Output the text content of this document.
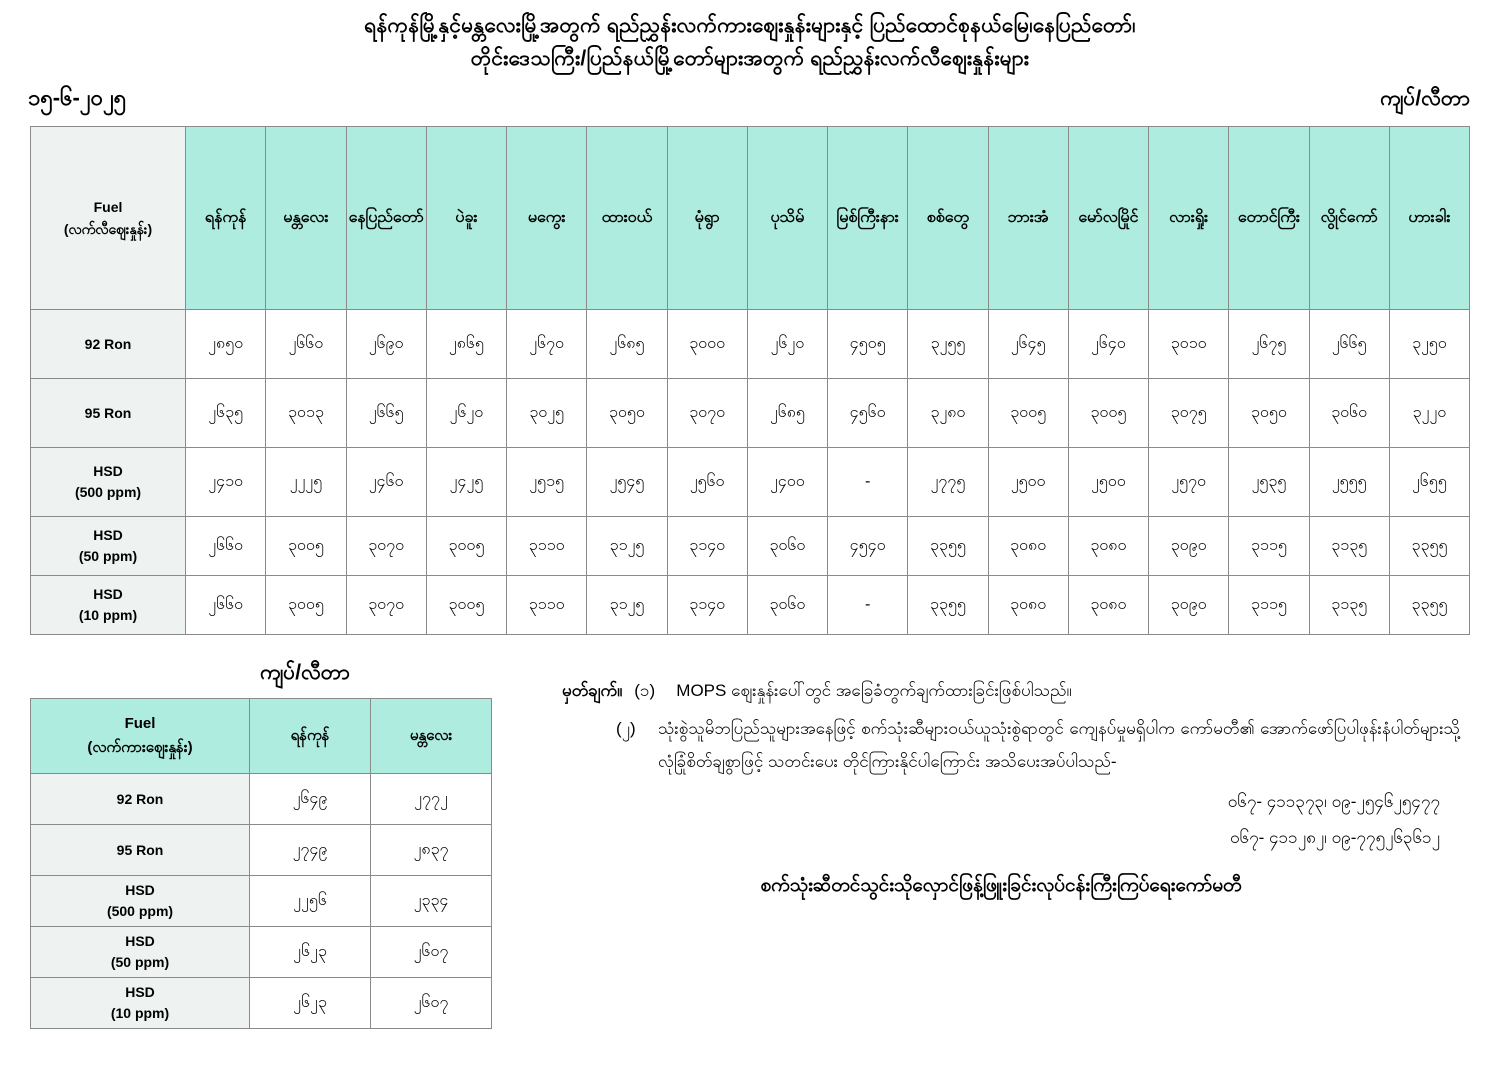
ရန်ကုန်မြို့နှင့်မန္တလေးမြို့အတွက် ရည်ညွှန်းလက်ကားဈေးနှုန်းများနှင့် ပြည်ထောင်စုနယ်မြေ၊နေပြည်တော်၊
တိုင်းဒေသကြီး/ပြည်နယ်မြို့တော်များအတွက် ရည်ညွှန်းလက်လီဈေးနှုန်းများ
၁၅-၆-၂၀၂၅	ကျပ်/လီတာ
Fuel
(လက်လီဈေးနှုန်း)	ရန်ကုန်	မန္တလေး	နေပြည်တော်	ပဲခူး	မကွေး	ထားဝယ်	မုံရွာ	ပုသိမ်	မြစ်ကြီးနား	စစ်တွေ	ဘားအံ	မော်လမြိုင်	လားရှိုး	တောင်ကြီး	လွိုင်ကော်	ဟားခါး

92 Ron	၂၈၅၀	၂၆၆၀	၂၆၉၀	၂၈၆၅	၂၆၇၀	၂၆၈၅	၃၀၀၀	၂၆၂၀	၄၅၀၅	၃၂၅၅	၂၆၄၅	၂၆၄၀	၃၀၁၀	၂၆၇၅	၂၆၆၅	၃၂၅၀

95 Ron	၂၆၃၅	၃၀၁၃	၂၆၆၅	၂၆၂၀	၃၀၂၅	၃၀၅၀	၃၀၇၀	၂၆၈၅	၄၅၆၀	၃၂၈၀	၃၀၀၅	၃၀၀၅	၃၀၇၅	၃၀၅၀	၃၀၆၀	၃၂၂၀

HSD
(500 ppm)	၂၄၁၀	၂၂၂၅	၂၄၆၀	၂၄၂၅	၂၅၁၅	၂၅၄၅	၂၅၆၀	၂၄၀၀	-	၂၇၇၅	၂၅၀၀	၂၅၀၀	၂၅၇၀	၂၅၃၅	၂၅၅၅	၂၆၅၅

HSD
(50 ppm)	၂၆၆၀	၃၀၀၅	၃၀၇၀	၃၀၀၅	၃၁၁၀	၃၁၂၅	၃၁၄၀	၃၀၆၀	၄၅၄၀	၃၃၅၅	၃၀၈၀	၃၀၈၀	၃၀၉၀	၃၁၁၅	၃၁၃၅	၃၃၅၅

HSD
(10 ppm)	၂၆၆၀	၃၀၀၅	၃၀၇၀	၃၀၀၅	၃၁၁၀	၃၁၂၅	၃၁၄၀	၃၀၆၀	-	၃၃၅၅	၃၀၈၀	၃၀၈၀	၃၀၉၀	၃၁၁၅	၃၁၃၅	၃၃၅၅
ကျပ်/လီတာ
Fuel
(လက်ကားဈေးနှုန်း)	ရန်ကုန်	မန္တလေး

92 Ron	၂၆၄၉	၂၇၇၂

95 Ron	၂၇၄၉	၂၈၃၇

HSD
(500 ppm)	၂၂၅၆	၂၃၃၄

HSD
(50 ppm)	၂၆၂၃	၂၆၀၇

HSD
(10 ppm)	၂၆၂၃	၂၆၀၇
မှတ်ချက်။ (၁)	MOPS ဈေးနှုန်းပေါ်တွင် အခြေခံတွက်ချက်ထားခြင်းဖြစ်ပါသည်။
(၂)	သုံးစွဲသူမိဘပြည်သူများအနေဖြင့် စက်သုံးဆီများဝယ်ယူသုံးစွဲရာတွင် ကျေနပ်မှုမရှိပါက ကော်မတီ၏ အောက်ဖော်ပြပါဖုန်းနံပါတ်များသို့ လုံခြုံစိတ်ချစွာဖြင့် သတင်းပေး တိုင်ကြားနိုင်ပါကြောင်း အသိပေးအပ်ပါသည်-
၀၆၇- ၄၁၁၃၇၃၊ ၀၉-၂၅၄၆၂၅၄၇၇
၀၆၇- ၄၁၁၂၈၂၊ ၀၉-၇၇၅၂၆၃၆၁၂
စက်သုံးဆီတင်သွင်းသိုလှောင်ဖြန့်ဖြူးခြင်းလုပ်ငန်းကြီးကြပ်ရေးကော်မတီ
